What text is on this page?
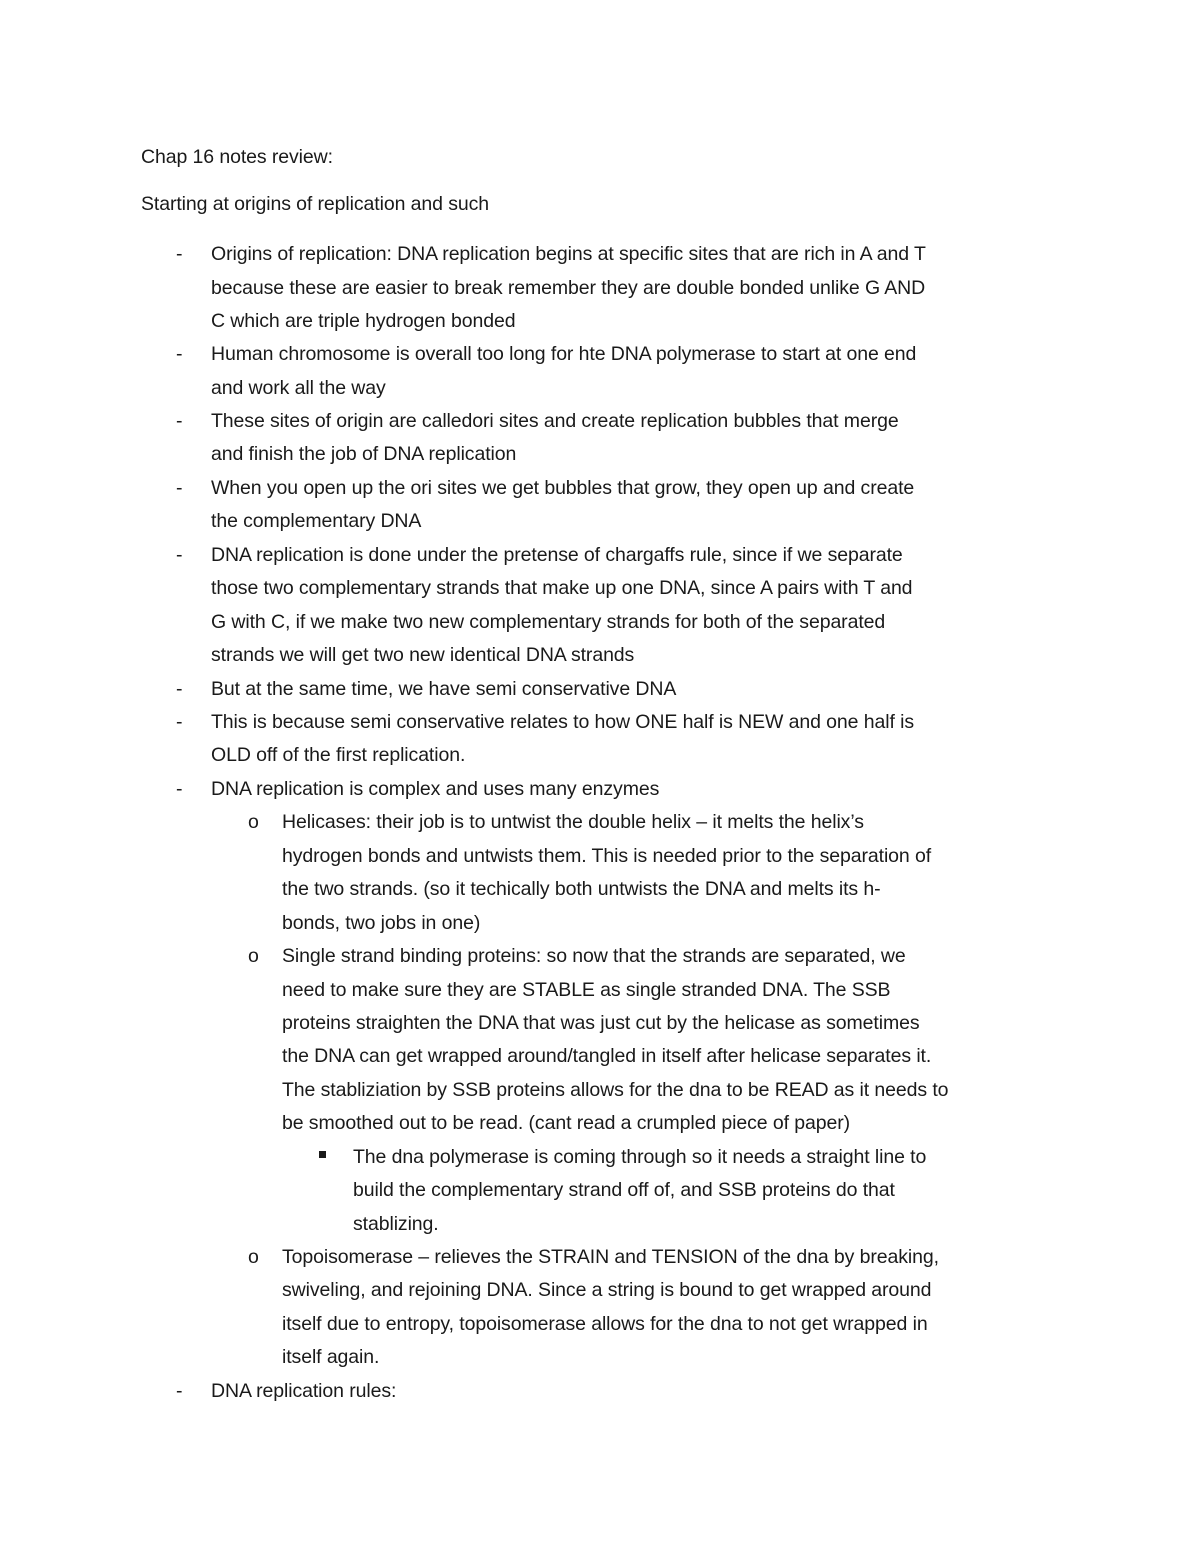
Chap 16 notes review:
Starting at origins of replication and such
- Origins of replication: DNA replication begins at specific sites that are rich in A and T
because these are easier to break remember they are double bonded unlike G AND
C which are triple hydrogen bonded
- Human chromosome is overall too long for hte DNA polymerase to start at one end
and work all the way
- These sites of origin are calledori sites and create replication bubbles that merge
and finish the job of DNA replication
- When you open up the ori sites we get bubbles that grow, they open up and create
the complementary DNA
- DNA replication is done under the pretense of chargaffs rule, since if we separate
those two complementary strands that make up one DNA, since A pairs with T and
G with C, if we make two new complementary strands for both of the separated
strands we will get two new identical DNA strands
- But at the same time, we have semi conservative DNA
- This is because semi conservative relates to how ONE half is NEW and one half is
OLD off of the first replication.
- DNA replication is complex and uses many enzymes
o Helicases: their job is to untwist the double helix – it melts the helix’s
hydrogen bonds and untwists them. This is needed prior to the separation of
the two strands. (so it techically both untwists the DNA and melts its h-
bonds, two jobs in one)
o Single strand binding proteins: so now that the strands are separated, we
need to make sure they are STABLE as single stranded DNA. The SSB
proteins straighten the DNA that was just cut by the helicase as sometimes
the DNA can get wrapped around/tangled in itself after helicase separates it.
The stabliziation by SSB proteins allows for the dna to be READ as it needs to
be smoothed out to be read. (cant read a crumpled piece of paper)
The dna polymerase is coming through so it needs a straight line to
build the complementary strand off of, and SSB proteins do that
stablizing.
o Topoisomerase – relieves the STRAIN and TENSION of the dna by breaking,
swiveling, and rejoining DNA. Since a string is bound to get wrapped around
itself due to entropy, topoisomerase allows for the dna to not get wrapped in
itself again.
- DNA replication rules:
